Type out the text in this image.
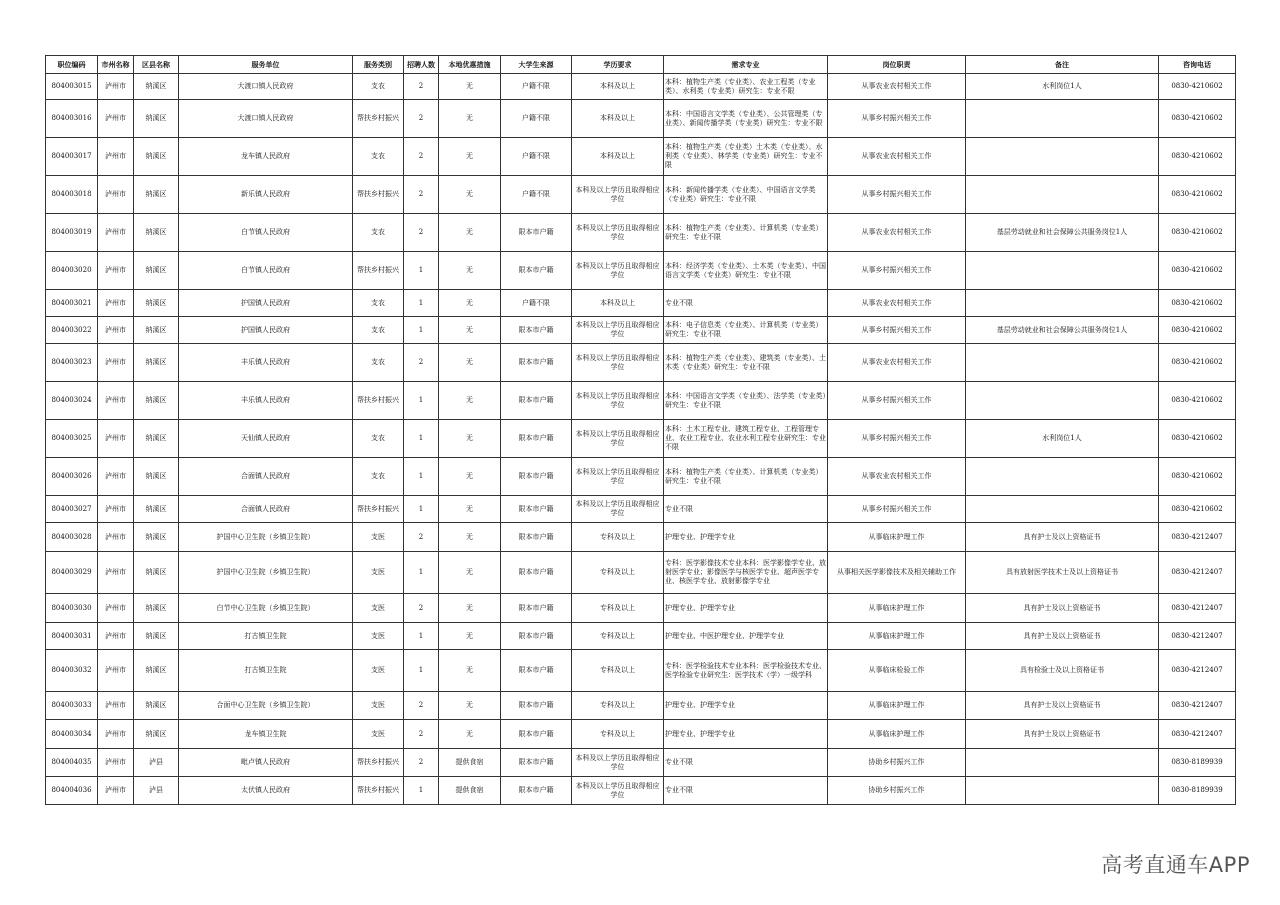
职位编码	市州名称	区县名称	服务单位	服务类别	招聘人数	本地优惠措施	大学生来源	学历要求	需求专业	岗位职责	备注	咨询电话
804003015	泸州市	纳溪区	大渡口镇人民政府	支农	2	无	户籍不限	本科及以上	本科：植物生产类（专业类）、农业工程类（专业类）、水利类（专业类）研究生：专业不限	从事农业农村相关工作	水利岗位1人	0830-4210602
804003016	泸州市	纳溪区	大渡口镇人民政府	帮扶乡村振兴	2	无	户籍不限	本科及以上	本科：中国语言文学类（专业类）、公共管理类（专业类）、新闻传播学类（专业类）研究生：专业不限	从事乡村振兴相关工作		0830-4210602
804003017	泸州市	纳溪区	龙车镇人民政府	支农	2	无	户籍不限	本科及以上	本科：植物生产类（专业类）土木类（专业类）、水利类（专业类）、林学类（专业类）研究生：专业不限	从事农业农村相关工作		0830-4210602
804003018	泸州市	纳溪区	新乐镇人民政府	帮扶乡村振兴	2	无	户籍不限	本科及以上学历且取得相应学位	本科：新闻传播学类（专业类）、中国语言文学类（专业类）研究生：专业不限	从事乡村振兴相关工作		0830-4210602
804003019	泸州市	纳溪区	白节镇人民政府	支农	2	无	限本市户籍	本科及以上学历且取得相应学位	本科：植物生产类（专业类）、计算机类（专业类）研究生：专业不限	从事农业农村相关工作	基层劳动就业和社会保障公共服务岗位1人	0830-4210602
804003020	泸州市	纳溪区	白节镇人民政府	帮扶乡村振兴	1	无	限本市户籍	本科及以上学历且取得相应学位	本科：经济学类（专业类）、土木类（专业类）、中国语言文学类（专业类）研究生：专业不限	从事乡村振兴相关工作		0830-4210602
804003021	泸州市	纳溪区	护国镇人民政府	支农	1	无	户籍不限	本科及以上	专业不限	从事农业农村相关工作		0830-4210602
804003022	泸州市	纳溪区	护国镇人民政府	支农	1	无	限本市户籍	本科及以上学历且取得相应学位	本科：电子信息类（专业类）、计算机类（专业类）研究生：专业不限	从事乡村振兴相关工作	基层劳动就业和社会保障公共服务岗位1人	0830-4210602
804003023	泸州市	纳溪区	丰乐镇人民政府	支农	2	无	限本市户籍	本科及以上学历且取得相应学位	本科：植物生产类（专业类）、建筑类（专业类）、土木类（专业类）研究生：专业不限	从事农业农村相关工作		0830-4210602
804003024	泸州市	纳溪区	丰乐镇人民政府	帮扶乡村振兴	1	无	限本市户籍	本科及以上学历且取得相应学位	本科：中国语言文学类（专业类）、法学类（专业类）研究生：专业不限	从事乡村振兴相关工作		0830-4210602
804003025	泸州市	纳溪区	天仙镇人民政府	支农	1	无	限本市户籍	本科及以上学历且取得相应学位	本科：土木工程专业、建筑工程专业、工程管理专业、农业工程专业、农业水利工程专业研究生：专业不限	从事乡村振兴相关工作	水利岗位1人	0830-4210602
804003026	泸州市	纳溪区	合面镇人民政府	支农	1	无	限本市户籍	本科及以上学历且取得相应学位	本科：植物生产类（专业类）、计算机类（专业类）研究生：专业不限	从事农业农村相关工作		0830-4210602
804003027	泸州市	纳溪区	合面镇人民政府	帮扶乡村振兴	1	无	限本市户籍	本科及以上学历且取得相应学位	专业不限	从事乡村振兴相关工作		0830-4210602
804003028	泸州市	纳溪区	护国中心卫生院（乡镇卫生院）	支医	2	无	限本市户籍	专科及以上	护理专业、护理学专业	从事临床护理工作	具有护士及以上资格证书	0830-4212407
804003029	泸州市	纳溪区	护国中心卫生院（乡镇卫生院）	支医	1	无	限本市户籍	专科及以上	专科：医学影像技术专业本科：医学影像学专业、放射医学专业；影像医学与核医学专业、超声医学专业、核医学专业、放射影像学专业	从事相关医学影像技术及相关辅助工作	具有放射医学技术士及以上资格证书	0830-4212407
804003030	泸州市	纳溪区	白节中心卫生院（乡镇卫生院）	支医	2	无	限本市户籍	专科及以上	护理专业、护理学专业	从事临床护理工作	具有护士及以上资格证书	0830-4212407
804003031	泸州市	纳溪区	打古镇卫生院	支医	1	无	限本市户籍	专科及以上	护理专业、中医护理专业、护理学专业	从事临床护理工作	具有护士及以上资格证书	0830-4212407
804003032	泸州市	纳溪区	打古镇卫生院	支医	1	无	限本市户籍	专科及以上	专科：医学检验技术专业本科：医学检验技术专业、医学检验专业研究生：医学技术（学）一级学科	从事临床检验工作	具有检验士及以上资格证书	0830-4212407
804003033	泸州市	纳溪区	合面中心卫生院（乡镇卫生院）	支医	2	无	限本市户籍	专科及以上	护理专业、护理学专业	从事临床护理工作	具有护士及以上资格证书	0830-4212407
804003034	泸州市	纳溪区	龙车镇卫生院	支医	2	无	限本市户籍	专科及以上	护理专业、护理学专业	从事临床护理工作	具有护士及以上资格证书	0830-4212407
804004035	泸州市	泸县	毗卢镇人民政府	帮扶乡村振兴	2	提供食宿	限本市户籍	本科及以上学历且取得相应学位	专业不限	协助乡村振兴工作		0830-8189939
804004036	泸州市	泸县	太伏镇人民政府	帮扶乡村振兴	1	提供食宿	限本市户籍	本科及以上学历且取得相应学位	专业不限	协助乡村振兴工作		0830-8189939
高考直通车APP
